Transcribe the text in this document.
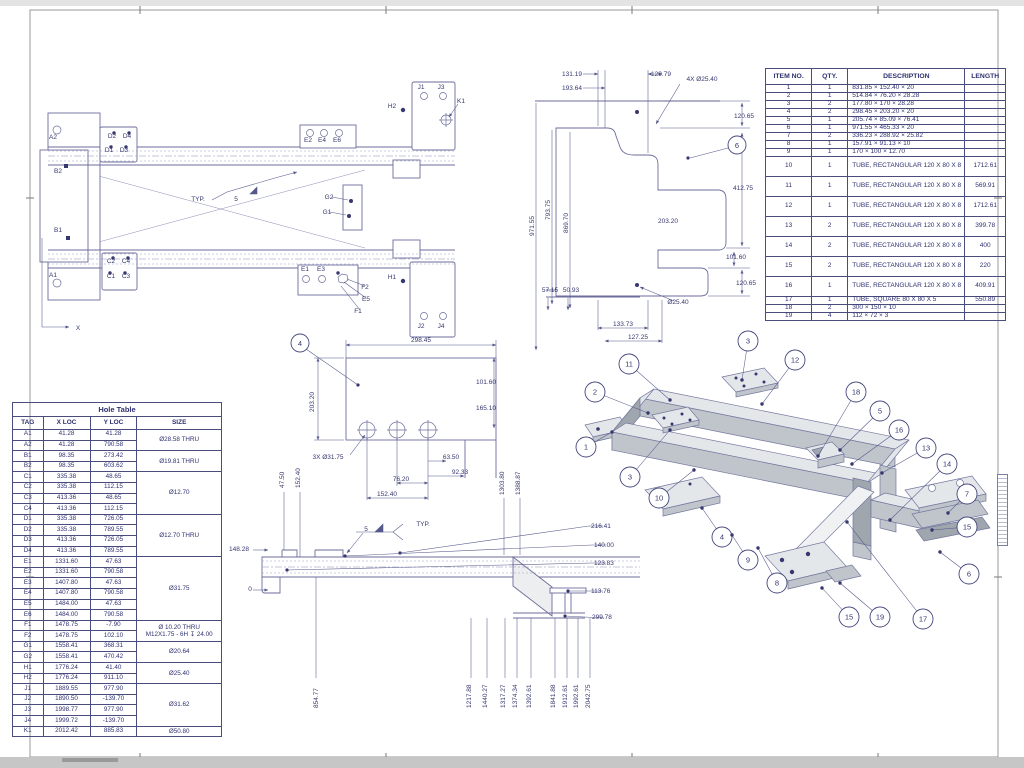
A2
B2
B1
A1
D2 D4
D1 D3
C2 C4
C1 C3
E2 E4 E6
H2
J1 J3
K1
G2
G1
E1 E3
F2
E5
F1
H1
J2 J4
TYP.	5
X
6
131.19	129.79
193.64
4X Ø25.40
120.65
412.75
101.60
120.65
203.20
971.55
793.75
869.70
57.15 50.93
133.73
127.25
Ø25.40
ITEM NO.	QTY.	DESCRIPTION	LENGTH
1	1	831.85 × 152.40 × 20	
2	1	514.84 × 76.20 × 28.28	
3	2	177.80 × 170 × 28.28	
4	2	298.45 × 203.20 × 20	
5	1	205.74 × 85.09 × 76.41	
6	1	971.55 × 465.33 × 20	
7	2	336.23 × 288.92 × 25.82	
8	1	157.91 × 91.13 × 10	
9	1	170 × 100 × 12.70	
10	1	TUBE, RECTANGULAR 120 X 80 X 8	1712.61
11	1	TUBE, RECTANGULAR 120 X 80 X 8	569.91
12	1	TUBE, RECTANGULAR 120 X 80 X 8	1712.61
13	2	TUBE, RECTANGULAR 120 X 80 X 8	399.78
14	2	TUBE, RECTANGULAR 120 X 80 X 8	400
15	2	TUBE, RECTANGULAR 120 X 80 X 8	220
16	1	TUBE, RECTANGULAR 120 X 80 X 8	409.91
17	1	TUBE, SQUARE 80 X 80 X 5	550.89
18	2	300 × 150 × 10	
19	4	112 × 72 × 3	
Hole Table			
TAG	X LOC	Y LOC	SIZE
A1	41.28	41.28	Ø28.58 THRU
A2	41.28	790.58	
B1	98.35	273.42	Ø19.81 THRU
B2	98.35	603.62	
C1	335.38	48.65	Ø12.70
C2	335.38	112.15	
C3	413.36	48.65	
C4	413.36	112.15	
D1	335.38	726.05	Ø12.70 THRU
D2	335.38	789.55	
D3	413.36	726.05	
D4	413.36	789.55	
E1	1331.60	47.63	Ø31.75
E2	1331.60	790.58	
E3	1407.80	47.63	
E4	1407.80	790.58	
E5	1484.00	47.63	
E6	1484.00	790.58	
F1	1478.75	-7.90	Ø 10.20 THRU
M12X1.75 - 6H ↧ 24.00
F2	1478.75	102.10	
G1	1558.41	368.31	Ø20.64
G2	1558.41	470.42	
H1	1776.24	41.40	Ø25.40
H2	1776.24	911.10	
J1	1889.55	977.90	Ø31.62
J2	1890.50	-139.70	
J3	1998.77	977.90	
J4	1999.72	-139.70	
K1	2012.42	885.83	Ø50.80
4	298.45
203.20
101.60
165.10
3X Ø31.75	63.50
92.33
76.20
152.40
148.28
0
TYP.
5	216.41
140.00
123.83
113.76
299.78
47.50 152.40	1303.80 1388.87
854.77	1217.88 1440.27 1317.27 1374.34 1392.61	1841.88 1912.61 1992.61 2042.75
1
2
11
3
12
18
5
16
13
14
7
15
6
3
10
4
9
8
15	19	17
